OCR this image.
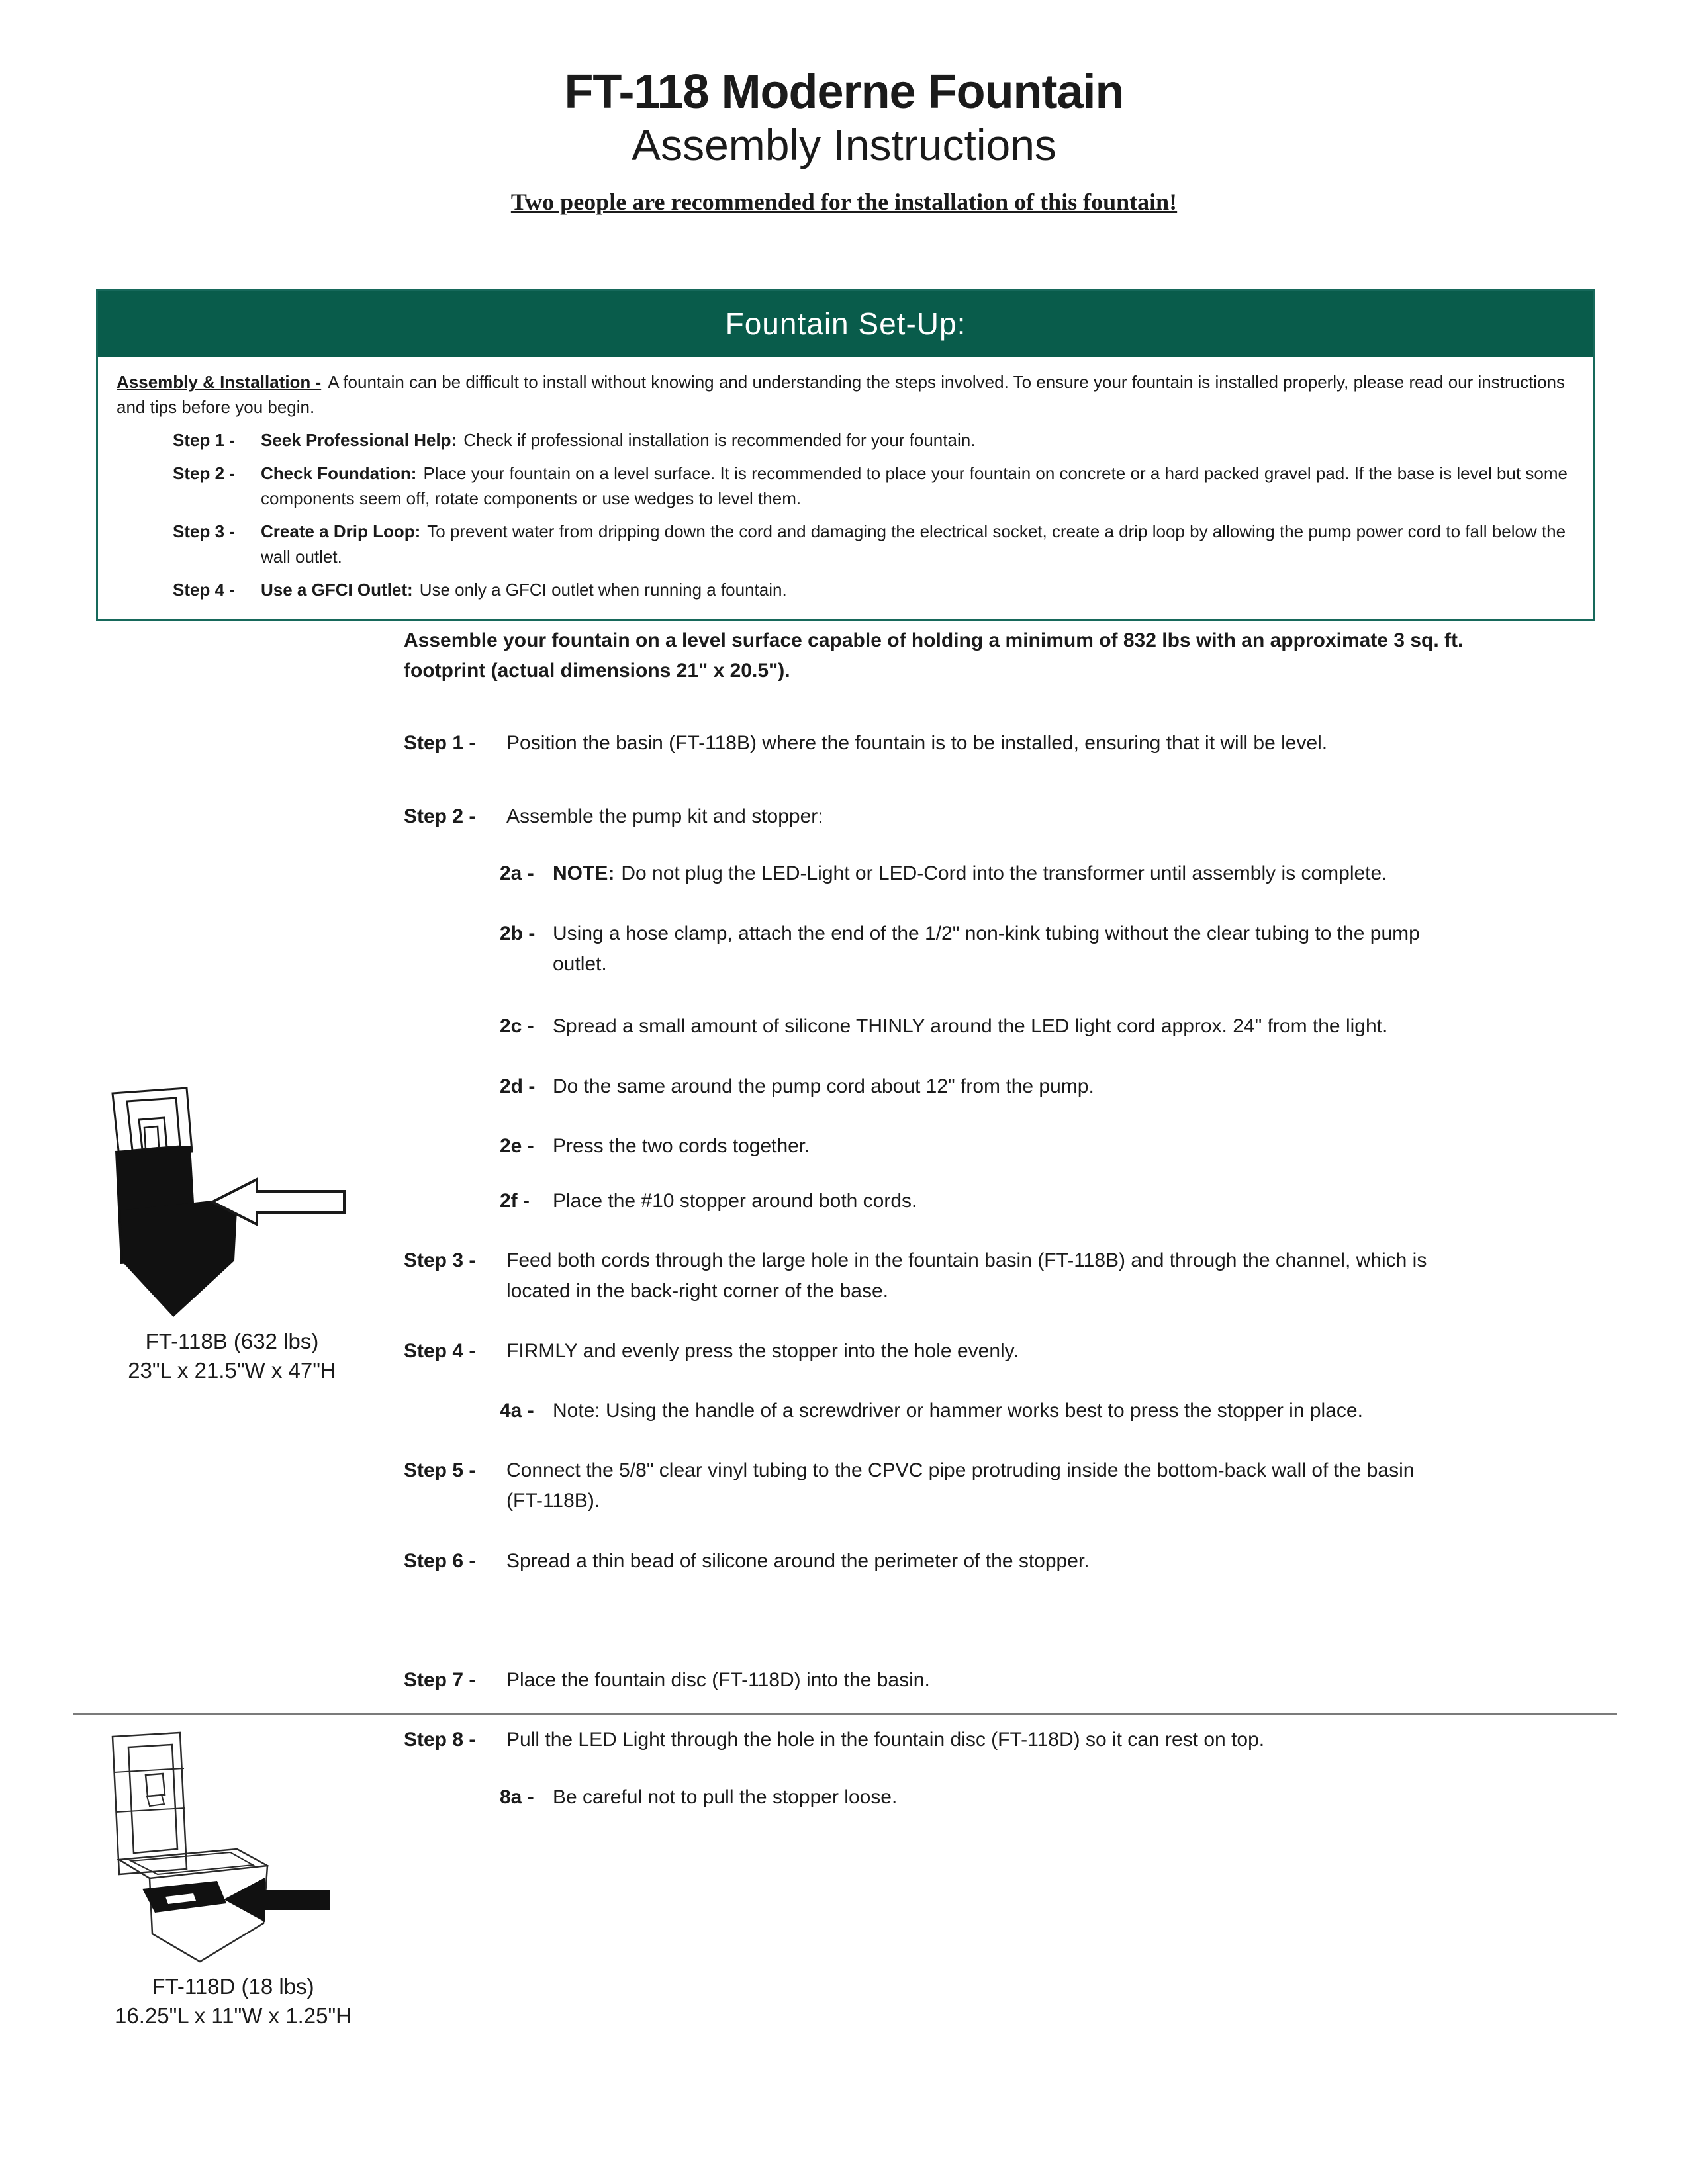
FT-118 Moderne Fountain
Assembly Instructions
Two people are recommended for the installation of this fountain!
Fountain Set-Up:

Assembly & Installation - A fountain can be difficult to install without knowing and understanding the steps involved. To ensure your fountain is installed properly, please read our instructions and tips before you begin.

Step 1 -	Seek Professional Help: Check if professional installation is recommended for your fountain.
Step 2 -	Check Foundation: Place your fountain on a level surface. It is recommended to place your fountain on concrete or a hard packed gravel pad. If the base is level but some components seem off, rotate components or use wedges to level them.
Step 3 -	Create a Drip Loop: To prevent water from dripping down the cord and damaging the electrical socket, create a drip loop by allowing the pump power cord to fall below the wall outlet.
Step 4 -	Use a GFCI Outlet: Use only a GFCI outlet when running a fountain.

Assemble your fountain on a level surface capable of holding a minimum of 832 lbs with an approximate 3 sq. ft. footprint (actual dimensions 21" x 20.5").

Step 1 -	Position the basin (FT-118B) where the fountain is to be installed, ensuring that it will be level.
Step 2 -	Assemble the pump kit and stopper:
2a - NOTE: Do not plug the LED-Light or LED-Cord into the transformer until assembly is complete.
2b - Using a hose clamp, attach the end of the 1/2" non-kink tubing without the clear tubing to the pump outlet.
2c - Spread a small amount of silicone THINLY around the LED light cord approx. 24" from the light.
2d - Do the same around the pump cord about 12" from the pump.
2e - Press the two cords together.
2f -	Place the #10 stopper around both cords.
Step 3 -	Feed both cords through the large hole in the fountain basin (FT-118B) and through the channel, which is located in the back-right corner of the base.
Step 4 -	FIRMLY and evenly press the stopper into the hole evenly.
4a - Note: Using the handle of a screwdriver or hammer works best to press the stopper in place.
Step 5 -	Connect the 5/8" clear vinyl tubing to the CPVC pipe protruding inside the bottom-back wall of the basin (FT-118B).
Step 6 -	Spread a thin bead of silicone around the perimeter of the stopper.
Step 7 -	Place the fountain disc (FT-118D) into the basin.
Step 8 -	Pull the LED Light through the hole in the fountain disc (FT-118D) so it can rest on top.
8a - Be careful not to pull the stopper loose.
FT-118B (632 lbs)
23"L x 21.5"W x 47"H
FT-118D (18 lbs)
16.25"L x 11"W x 1.25"H
